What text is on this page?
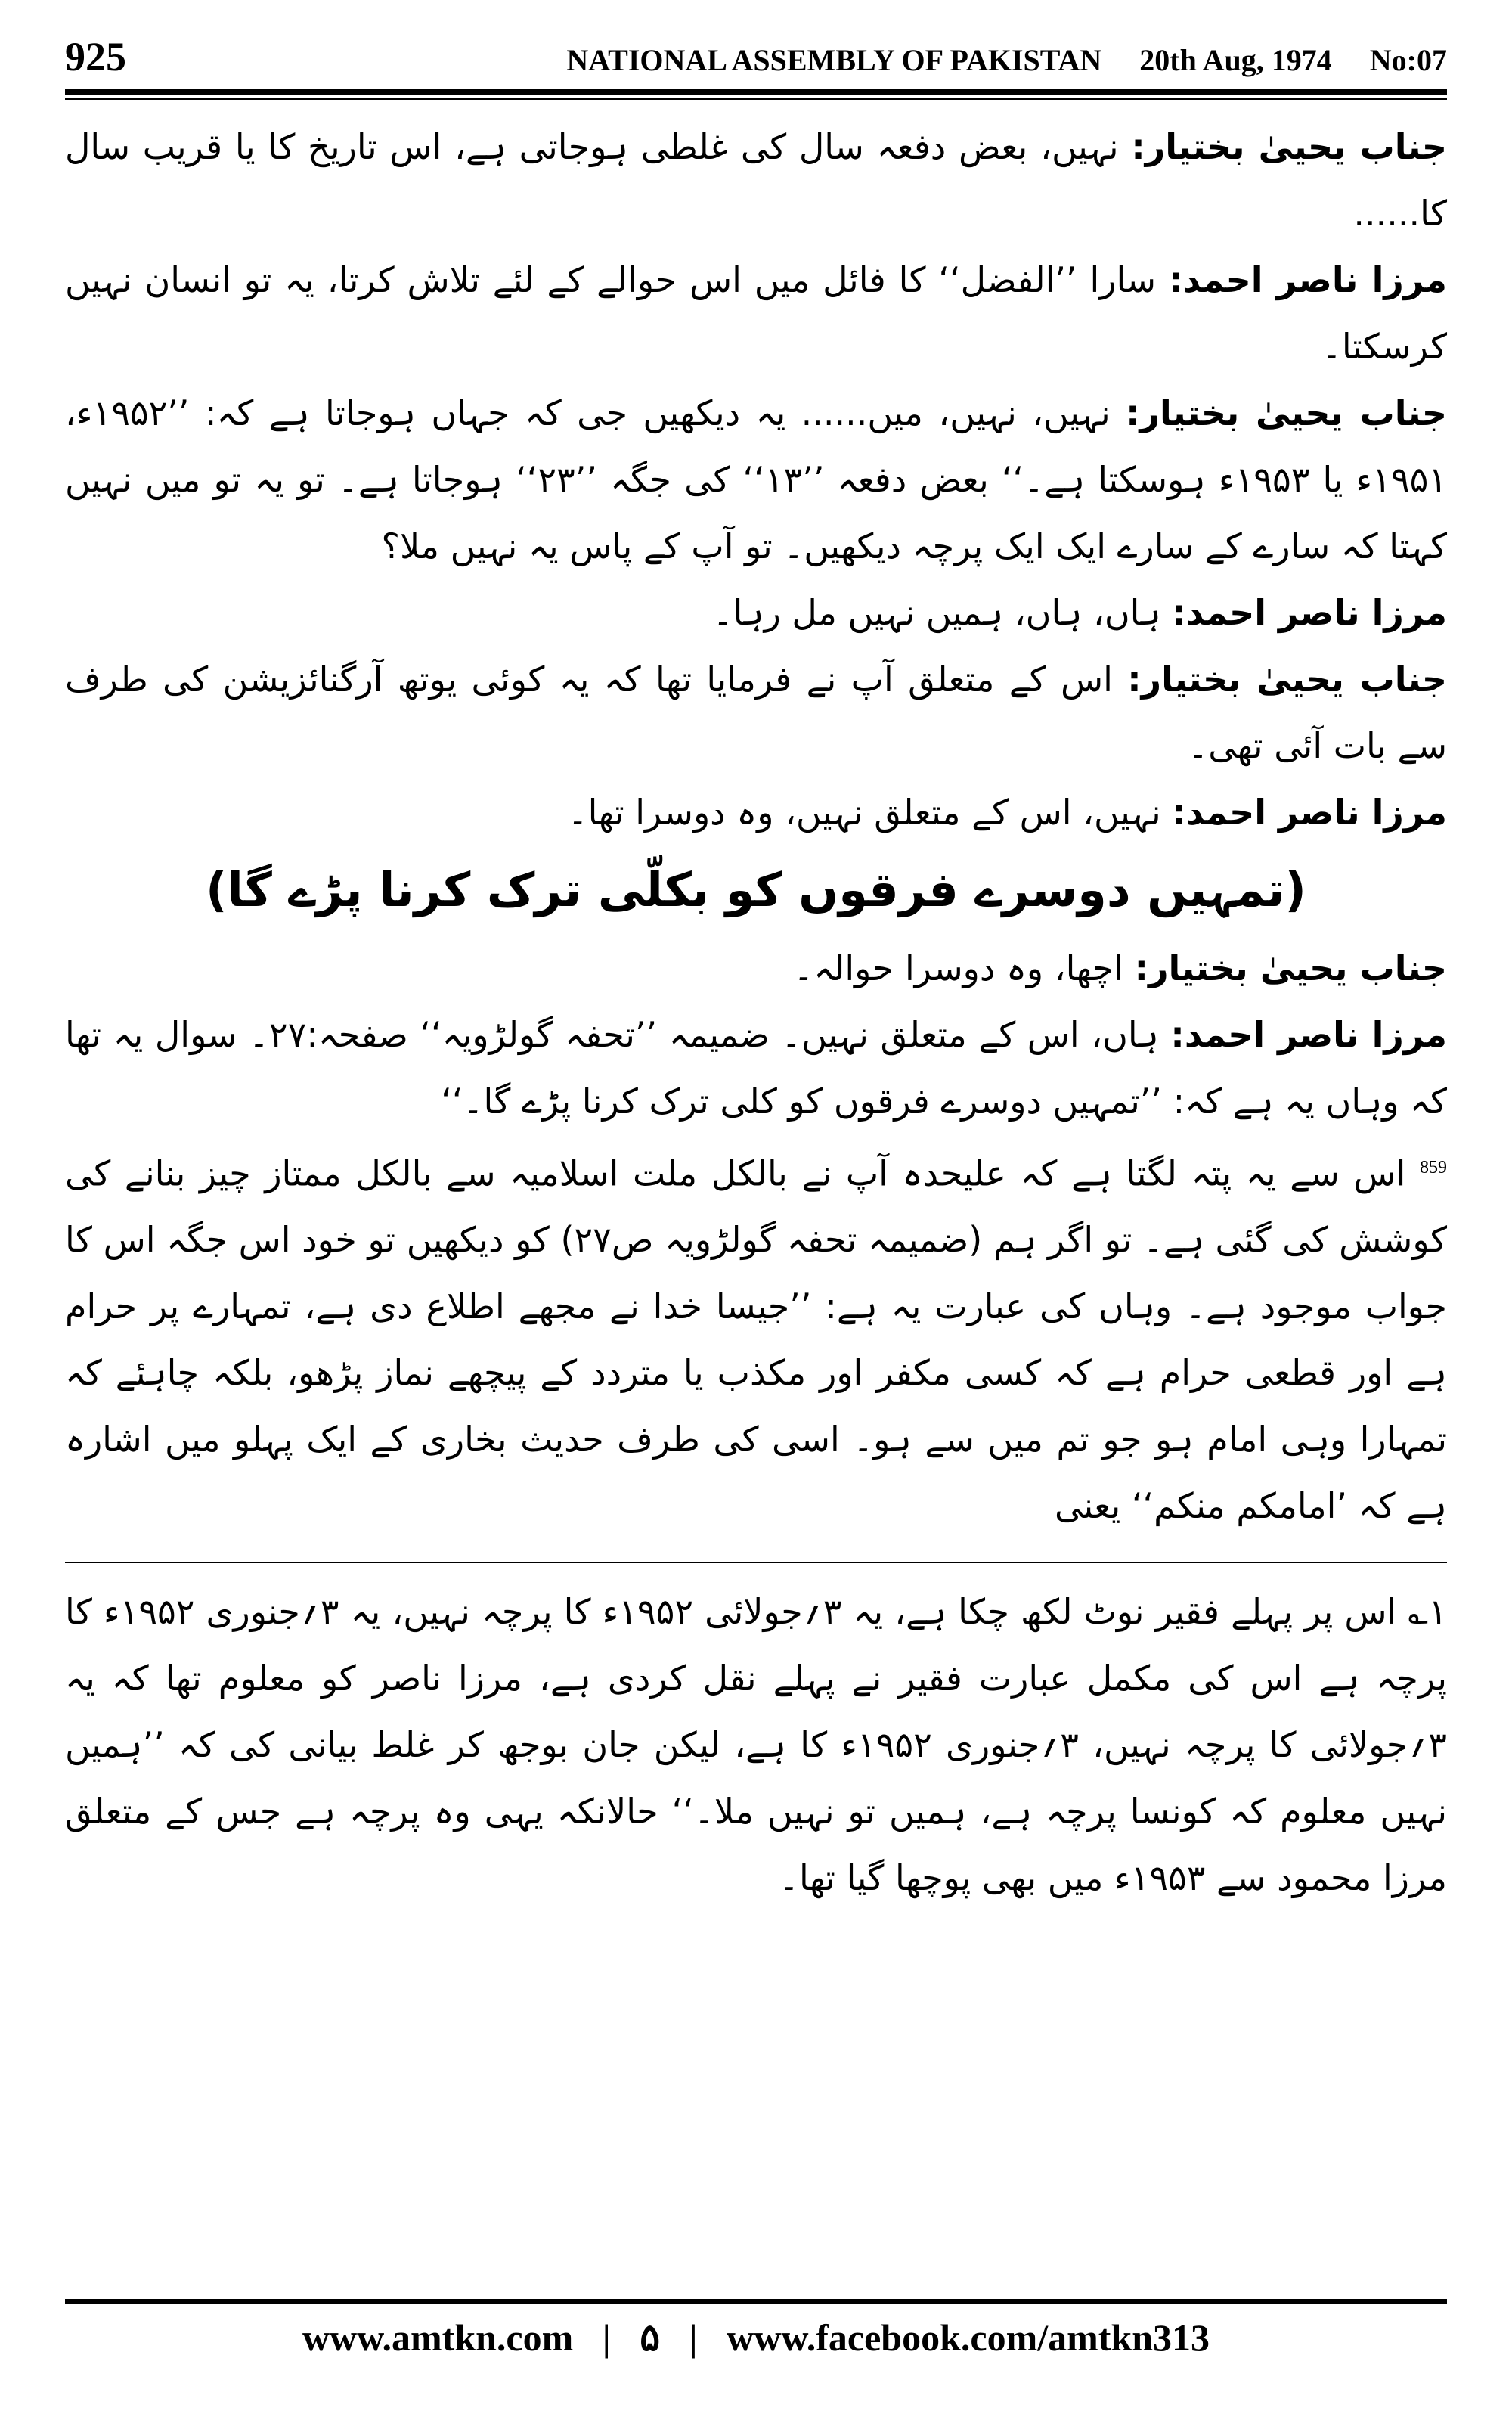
925	NATIONAL ASSEMBLY OF PAKISTAN 20th Aug, 1974 No:07

جناب یحییٰ بختیار: نہیں، بعض دفعہ سال کی غلطی ہوجاتی ہے، اس تاریخ کا یا قریب سال کا......

مرزا ناصر احمد: سارا ’’الفضل‘‘ کا فائل میں اس حوالے کے لئے تلاش کرتا، یہ تو انسان نہیں کرسکتا۔

جناب یحییٰ بختیار: نہیں، نہیں، میں...... یہ دیکھیں جی کہ جہاں ہوجاتا ہے کہ: ’’۱۹۵۲ء، ۱۹۵۱ء یا ۱۹۵۳ء ہوسکتا ہے۔‘‘ بعض دفعہ ’’۱۳‘‘ کی جگہ ’’۲۳‘‘ ہوجاتا ہے۔ تو یہ تو میں نہیں کہتا کہ سارے کے سارے ایک ایک پرچہ دیکھیں۔ تو آپ کے پاس یہ نہیں ملا؟

مرزا ناصر احمد: ہاں، ہاں، ہمیں نہیں مل رہا۔

جناب یحییٰ بختیار: اس کے متعلق آپ نے فرمایا تھا کہ یہ کوئی یوتھ آرگنائزیشن کی طرف سے بات آئی تھی۔

مرزا ناصر احمد: نہیں، اس کے متعلق نہیں، وہ دوسرا تھا۔

(تمہیں دوسرے فرقوں کو بکلّی ترک کرنا پڑے گا)

جناب یحییٰ بختیار: اچھا، وہ دوسرا حوالہ۔

مرزا ناصر احمد: ہاں، اس کے متعلق نہیں۔ ضمیمہ ’’تحفہ گولڑویہ‘‘ صفحہ:۲۷۔ سوال یہ تھا کہ وہاں یہ ہے کہ: ’’تمہیں دوسرے فرقوں کو کلی ترک کرنا پڑے گا۔‘‘

$^{859}$ اس سے یہ پتہ لگتا ہے کہ علیحدہ آپ نے بالکل ملت اسلامیہ سے بالکل ممتاز چیز بنانے کی کوشش کی گئی ہے۔ تو اگر ہم (ضمیمہ تحفہ گولڑویہ ص۲۷) کو دیکھیں تو خود اس جگہ اس کا جواب موجود ہے۔ وہاں کی عبارت یہ ہے: ’’جیسا خدا نے مجھے اطلاع دی ہے، تمہارے پر حرام ہے اور قطعی حرام ہے کہ کسی مکفر اور مکذب یا متردد کے پیچھے نماز پڑھو، بلکہ چاہئے کہ تمہارا وہی امام ہو جو تم میں سے ہو۔ اسی کی طرف حدیث بخاری کے ایک پہلو میں اشارہ ہے کہ ’امامکم منکم‘‘ یعنی

۱؎ اس پر پہلے فقیر نوٹ لکھ چکا ہے، یہ ۳؍جولائی ۱۹۵۲ء کا پرچہ نہیں، یہ ۳؍جنوری ۱۹۵۲ء کا پرچہ ہے اس کی مکمل عبارت فقیر نے پہلے نقل کردی ہے، مرزا ناصر کو معلوم تھا کہ یہ ۳؍جولائی کا پرچہ نہیں، ۳؍جنوری ۱۹۵۲ء کا ہے، لیکن جان بوجھ کر غلط بیانی کی کہ ’’ہمیں نہیں معلوم کہ کونسا پرچہ ہے، ہمیں تو نہیں ملا۔‘‘ حالانکہ یہی وہ پرچہ ہے جس کے متعلق مرزا محمود سے ۱۹۵۳ء میں بھی پوچھا گیا تھا۔

www.amtkn.com | ۵ | www.facebook.com/amtkn313
